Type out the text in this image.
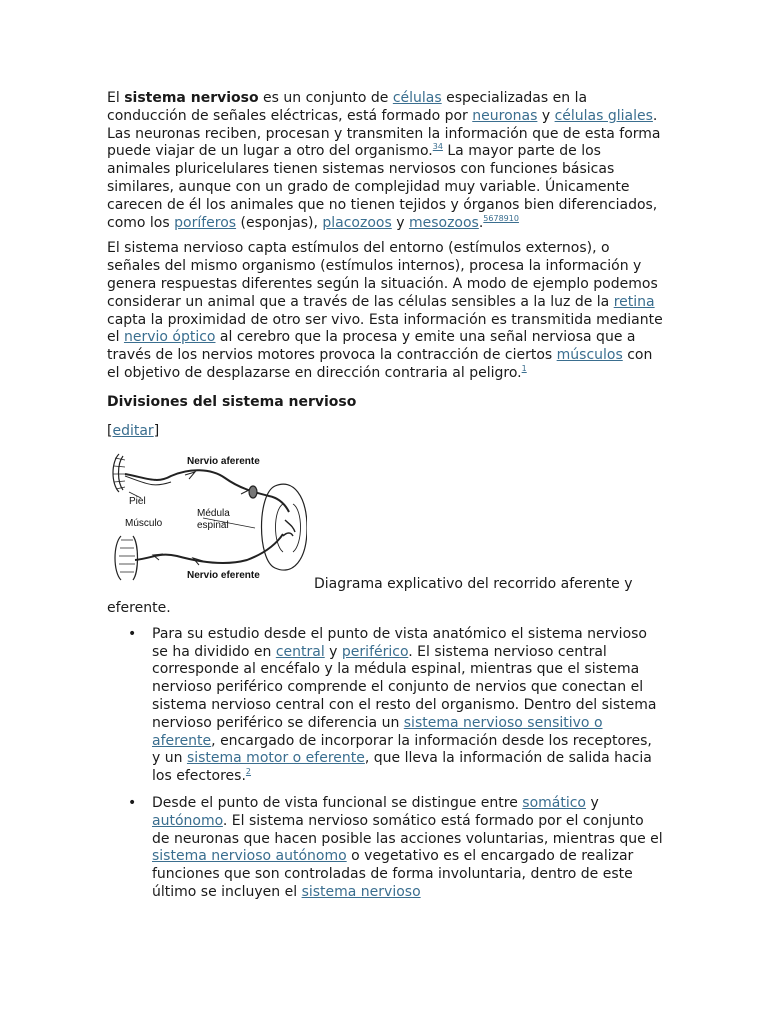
El sistema nervioso es un conjunto de células especializadas en la conducción de señales eléctricas, está formado por neuronas y células gliales. Las neuronas reciben, procesan y transmiten la información que de esta forma puede viajar de un lugar a otro del organismo.$^{34}$ La mayor parte de los animales pluricelulares tienen sistemas nerviosos con funciones básicas similares, aunque con un grado de complejidad muy variable. Únicamente carecen de él los animales que no tienen tejidos y órganos bien diferenciados, como los poríferos (esponjas), placozoos y mesozoos.$^{5678910}$

El sistema nervioso capta estímulos del entorno (estímulos externos), o señales del mismo organismo (estímulos internos), procesa la información y genera respuestas diferentes según la situación. A modo de ejemplo podemos considerar un animal que a través de las células sensibles a la luz de la retina capta la proximidad de otro ser vivo. Esta información es transmitida mediante el nervio óptico al cerebro que la procesa y emite una señal nerviosa que a través de los nervios motores provoca la contracción de ciertos músculos con el objetivo de desplazarse en dirección contraria al peligro.$^1$

Divisiones del sistema nervioso
[editar]
Nervio aferente
Piel
Músculo
Médula
espinal
Nervio eferente
Diagrama explicativo del recorrido aferente y
eferente.
• Para su estudio desde el punto de vista anatómico el sistema nervioso se ha dividido en central y periférico. El sistema nervioso central corresponde al encéfalo y la médula espinal, mientras que el sistema nervioso periférico comprende el conjunto de nervios que conectan el sistema nervioso central con el resto del organismo. Dentro del sistema nervioso periférico se diferencia un sistema nervioso sensitivo o aferente, encargado de incorporar la información desde los receptores, y un sistema motor o eferente, que lleva la información de salida hacia los efectores.$^2$
• Desde el punto de vista funcional se distingue entre somático y autónomo. El sistema nervioso somático está formado por el conjunto de neuronas que hacen posible las acciones voluntarias, mientras que el sistema nervioso autónomo o vegetativo es el encargado de realizar funciones que son controladas de forma involuntaria, dentro de este último se incluyen el sistema nervioso
